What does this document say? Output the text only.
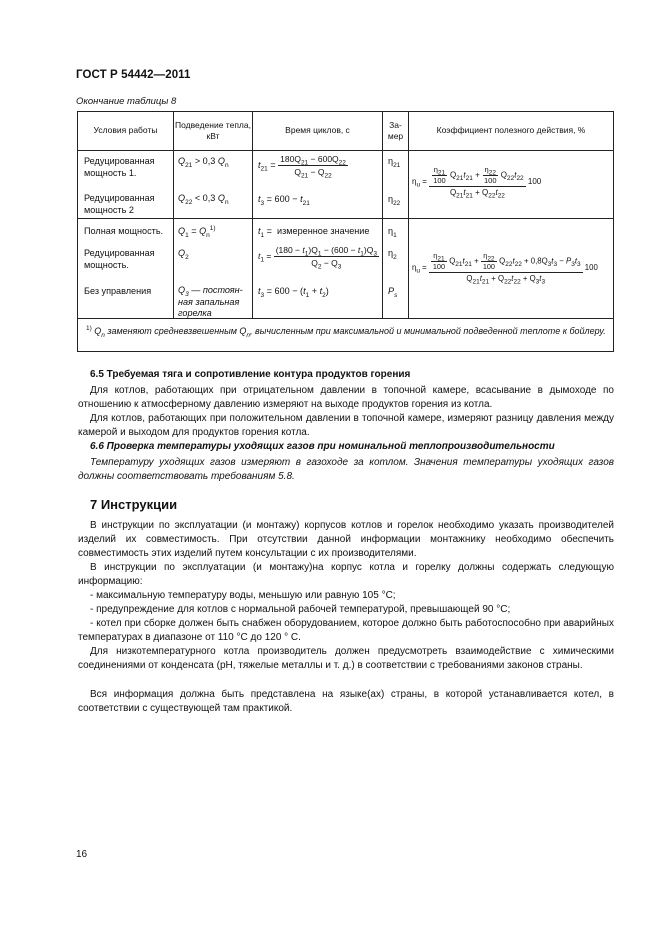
ГОСТ Р 54442—2011
Окончание таблицы 8
Условия работы	Подведение тепла, кВт
Время циклов, с	За-мер
Коэффициент полезного действия, %
Редуцированная мощность 1.
Редуцированная мощность 2
Полная мощность.
Редуцированная мощность.
Без управления
$Q_{21} > 0,3$ $Q_n$
$Q_{22} < 0,3$ $Q_n$
$Q_1 = Q_n^{1)}$
$Q_2$
$Q_3$ — постоян-
ная запальная
горелка
$t_{21} = \frac{180Q_{21} - 600Q_{22}}{Q_{21} - Q_{22}}$
$t_3 = 600 - t_{21}$
$t_1$ =  измеренное значение
$t_1 = \frac{(180 - t_1)Q_1 - (600 - t_1)Q_3}{Q_2 - Q_3}$
$t_3 = 600 - (t_1 + t_2)$
$\eta_{21}$
$\eta_{22}$
$\eta_1$
$\eta_2$
$P_s$
$\eta_u = \frac{\frac{\eta_{21}}{100} Q_{21}t_{21} + \frac{\eta_{22}}{100} Q_{22}t_{22}}{Q_{21}t_{21} + Q_{22}t_{22}} 100$
$\eta_u = \frac{\eta_{21}}{100} Q_{21}t_{21} + \frac{\eta_{22}}{100} Q_{22}t_{22} + 0,8Q_3t_3 - P_3t_3$
$Q_{21}t_{21} + Q_{22}t_{22} + Q_3t_3$
100
$^{1)}$ $Q_n$ заменяют средневзвешенным $Q_n$, вычисленным при максимальной и минимальной подведенной теплоте к бойлеру.
6.5 Требуемая тяга и сопротивление контура продуктов горения
Для котлов, работающих при отрицательном давлении в топочной камере, всасывание в дымоходе по отношению к атмосферному давлению измеряют на выходе продуктов горения из котла.
Для котлов, работающих при положительном давлении в топочной камере, измеряют разницу давления между камерой и выходом для продуктов горения котла.
6.6 Проверка температуры уходящих газов при номинальной теплопроизводительности
Температуру уходящих газов измеряют в газоходе за котлом. Значения температуры уходящих газов должны соответствовать требованиям 5.8.
7 Инструкции
В инструкции по эксплуатации (и монтажу) корпусов котлов и горелок необходимо указать производителей изделий их совместимость. При отсутствии данной информации монтажнику необходимо обеспечить совместимость этих изделий путем консультации с их производителями.
В инструкции по эксплуатации (и монтажу)на корпус котла и горелку должны содержать следующую информацию:
- максимальную температуру воды, меньшую или равную 105 °С;
- предупреждение для котлов с нормальной рабочей температурой, превышающей 90 °С;
- котел при сборке должен быть снабжен оборудованием, которое должно быть работоспособно при аварийных температурах в диапазоне от 110 °С до 120 ° С.
Для низкотемпературного котла производитель должен предусмотреть взаимодействие с химическими соединениями от конденсата (pH, тяжелые металлы и т. д.) в соответствии с требованиями законов страны.
Вся информация должна быть представлена на языке(ах) страны, в которой устанавливается котел, в соответствии с существующей там практикой.
16
